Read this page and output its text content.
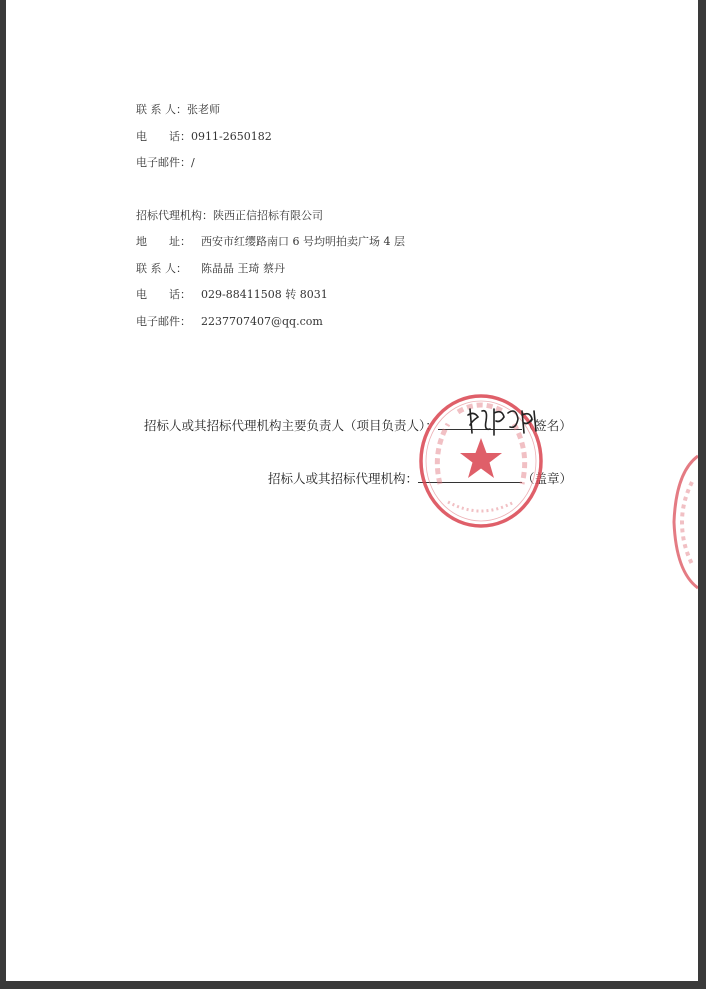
联 系 人：张老师
电　　话：0911-2650182
电子邮件：/
招标代理机构：陕西正信招标有限公司
地　　址： 西安市红缨路南口 6 号均明拍卖广场 4 层
联 系 人： 陈晶晶 王琦 蔡丹
电　　话： 029-88411508 转 8031
电子邮件： 2237707407@qq.com
招标人或其招标代理机构主要负责人（项目负责人）：	（签名）
招标人或其招标代理机构：	（盖章）
